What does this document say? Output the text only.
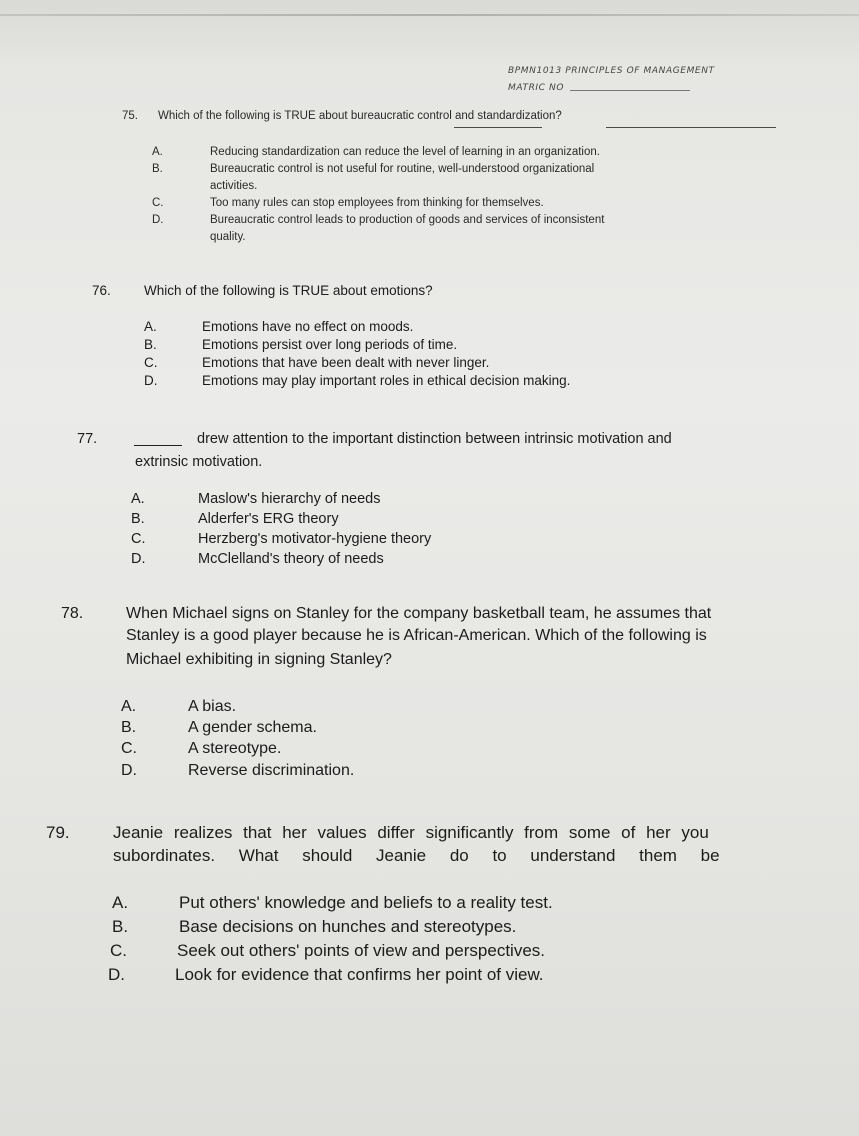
BPMN1013 PRINCIPLES OF MANAGEMENT
MATRIC NO
75. Which of the following is TRUE about bureaucratic control and standardization?
A.	Reducing standardization can reduce the level of learning in an organization.
B.	Bureaucratic control is not useful for routine, well-understood organizational
activities.
C.	Too many rules can stop employees from thinking for themselves.
D.	Bureaucratic control leads to production of goods and services of inconsistent
quality.
76. Which of the following is TRUE about emotions?
A.	Emotions have no effect on moods.
B.	Emotions persist over long periods of time.
C.	Emotions that have been dealt with never linger.
D.	Emotions may play important roles in ethical decision making.
77.	drew attention to the important distinction between intrinsic motivation and
extrinsic motivation.
A.	Maslow's hierarchy of needs
B.	Alderfer's ERG theory
C.	Herzberg's motivator-hygiene theory
D.	McClelland's theory of needs
78.	When Michael signs on Stanley for the company basketball team, he assumes that
Stanley is a good player because he is African-American. Which of the following is
Michael exhibiting in signing Stanley?
A.	A bias.
B.	A gender schema.
C.	A stereotype.
D.	Reverse discrimination.
79.	Jeanie realizes that her values differ significantly from some of her you
subordinates. What should Jeanie do to understand them be
A.	Put others' knowledge and beliefs to a reality test.
B.	Base decisions on hunches and stereotypes.
C.	Seek out others' points of view and perspectives.
D.	Look for evidence that confirms her point of view.
